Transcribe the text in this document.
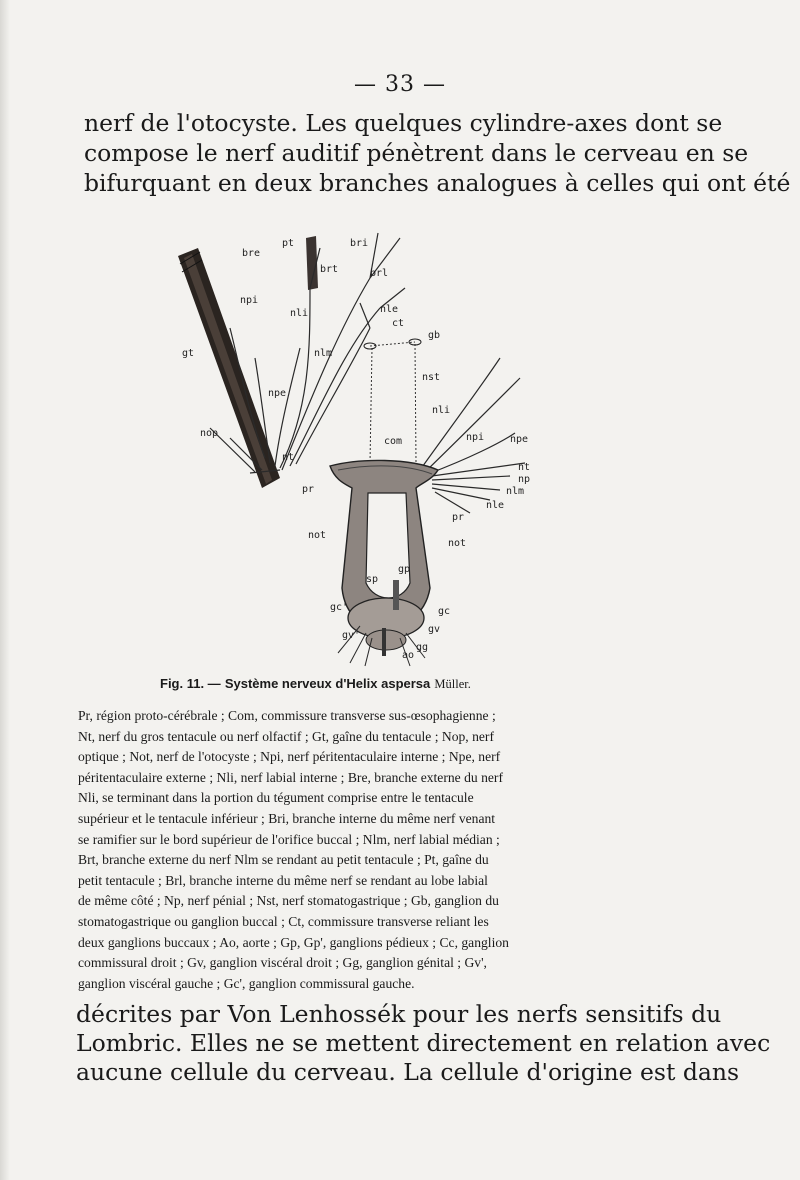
— 33 —
nerf de l'otocyste. Les quelques cylindre-axes dont se
compose le nerf auditif pénètrent dans le cerveau en se
bifurquant en deux branches analogues à celles qui ont été
bre
pt	bri
brt	brl
npi
nli	nle
ct
gb
gt	nlm
nst
npe
nli
nop
com	npi	npe
nt
np
nlm
nle
nt
pr
pr
not
not
sp
gp
gc'	gc
gv'
gv
ao
gg
Fig. 11. — Système nerveux d'Helix aspersa Müller.
Pr, région proto-cérébrale ; Com, commissure transverse sus-œsophagienne ;
Nt, nerf du gros tentacule ou nerf olfactif ; Gt, gaîne du tentacule ; Nop, nerf
optique ; Not, nerf de l'otocyste ; Npi, nerf péritentaculaire interne ; Npe, nerf
péritentaculaire externe ; Nli, nerf labial interne ; Bre, branche externe du nerf
Nli, se terminant dans la portion du tégument comprise entre le tentacule
supérieur et le tentacule inférieur ; Bri, branche interne du même nerf venant
se ramifier sur le bord supérieur de l'orifice buccal ; Nlm, nerf labial médian ;
Brt, branche externe du nerf Nlm se rendant au petit tentacule ; Pt, gaîne du
petit tentacule ; Brl, branche interne du même nerf se rendant au lobe labial
de même côté ; Np, nerf pénial ; Nst, nerf stomatogastrique ; Gb, ganglion du
stomatogastrique ou ganglion buccal ; Ct, commissure transverse reliant les
deux ganglions buccaux ; Ao, aorte ; Gp, Gp', ganglions pédieux ; Cc, ganglion
commissural droit ; Gv, ganglion viscéral droit ; Gg, ganglion génital ; Gv',
ganglion viscéral gauche ; Gc', ganglion commissural gauche.
décrites par Von Lenhossék pour les nerfs sensitifs du
Lombric. Elles ne se mettent directement en relation avec
aucune cellule du cerveau. La cellule d'origine est dans
